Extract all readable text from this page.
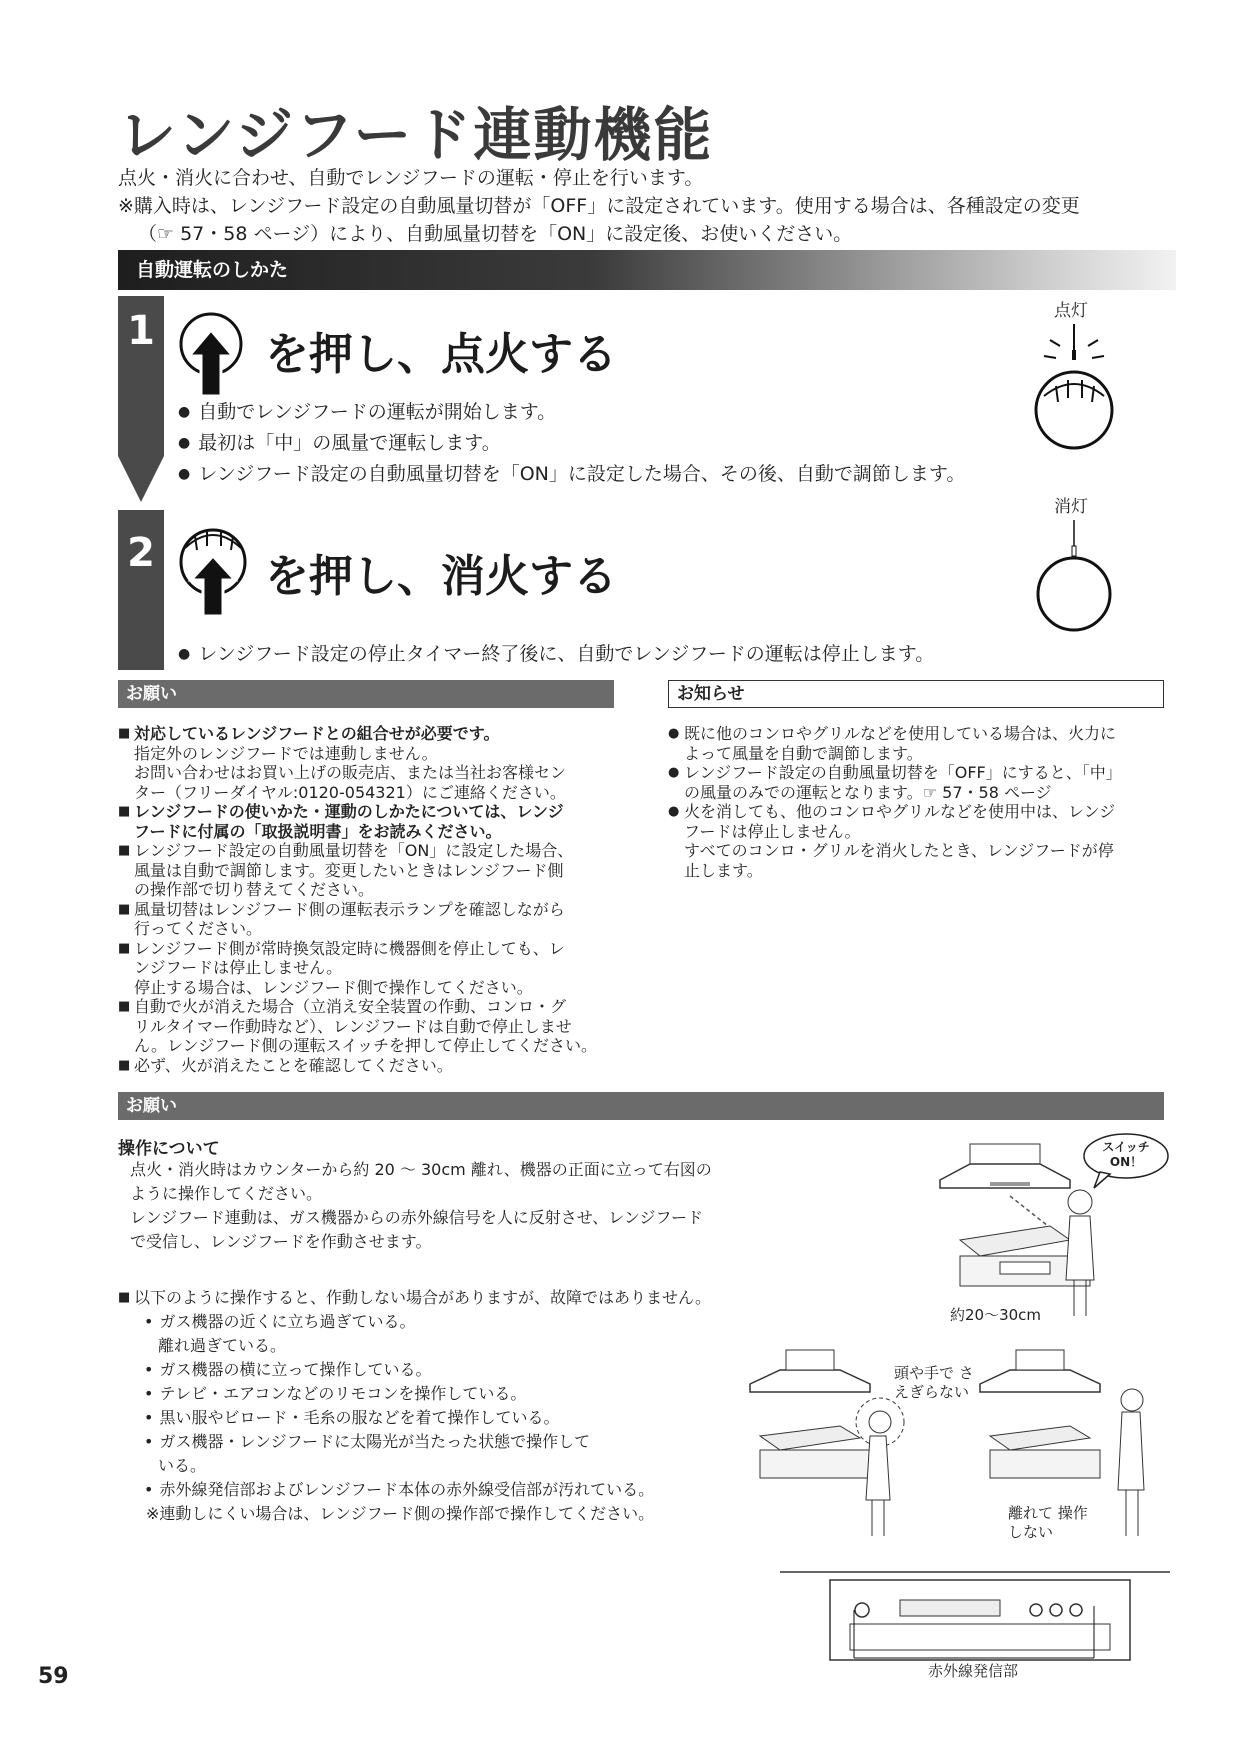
レンジフード連動機能

点火・消火に合わせ、自動でレンジフードの運転・停止を行います。

※購入時は、レンジフード設定の自動風量切替が「OFF」に設定されています。使用する場合は、各種設定の変更

（☞ 57・58 ページ）により、自動風量切替を「ON」に設定後、お使いください。

自動運転のしかた
1	を押し、点火する
● 自動でレンジフードの運転が開始します。
● 最初は「中」の風量で運転します。
● レンジフード設定の自動風量切替を「ON」に設定した場合、その後、自動で調節します。
点灯
2	を押し、消火する
● レンジフード設定の停止タイマー終了後に、自動でレンジフードの運転は停止します。
消灯
お願い
■ 対応しているレンジフードとの組合せが必要です。
指定外のレンジフードでは連動しません。
お問い合わせはお買い上げの販売店、または当社お客様セン
ター（フリーダイヤル:0120-054321）にご連絡ください。
■ レンジフードの使いかた・運動のしかたについては、レンジ
フードに付属の「取扱説明書」をお読みください。
■ レンジフード設定の自動風量切替を「ON」に設定した場合、
風量は自動で調節します。変更したいときはレンジフード側
の操作部で切り替えてください。
■ 風量切替はレンジフード側の運転表示ランプを確認しながら
行ってください。
■ レンジフード側が常時換気設定時に機器側を停止しても、レ
ンジフードは停止しません。
停止する場合は、レンジフード側で操作してください。
■ 自動で火が消えた場合（立消え安全装置の作動、コンロ・グ
リルタイマー作動時など）、レンジフードは自動で停止しませ
ん。レンジフード側の運転スイッチを押して停止してください。
■ 必ず、火が消えたことを確認してください。
お知らせ
● 既に他のコンロやグリルなどを使用している場合は、火力に
よって風量を自動で調節します。
● レンジフード設定の自動風量切替を「OFF」にすると、「中」
の風量のみでの運転となります。☞ 57・58 ページ
● 火を消しても、他のコンロやグリルなどを使用中は、レンジ
フードは停止しません。
すべてのコンロ・グリルを消火したとき、レンジフードが停
止します。
お願い
操作について
点火・消火時はカウンターから約 20 ～ 30cm 離れ、機器の正面に立って右図の
ように操作してください。
レンジフード連動は、ガス機器からの赤外線信号を人に反射させ、レンジフード
で受信し、レンジフードを作動させます。
■ 以下のように操作すると、作動しない場合がありますが、故障ではありません。
• ガス機器の近くに立ち過ぎている。
離れ過ぎている。
• ガス機器の横に立って操作している。
• テレビ・エアコンなどのリモコンを操作している。
• 黒い服やビロード・毛糸の服などを着て操作している。
• ガス機器・レンジフードに太陽光が当たった状態で操作して
いる。
• 赤外線発信部およびレンジフード本体の赤外線受信部が汚れている。
※連動しにくい場合は、レンジフード側の操作部で操作してください。
スイッチ ON！
約20～30cm
頭や手で さえぎらない
離れて 操作しない
赤外線発信部
59
